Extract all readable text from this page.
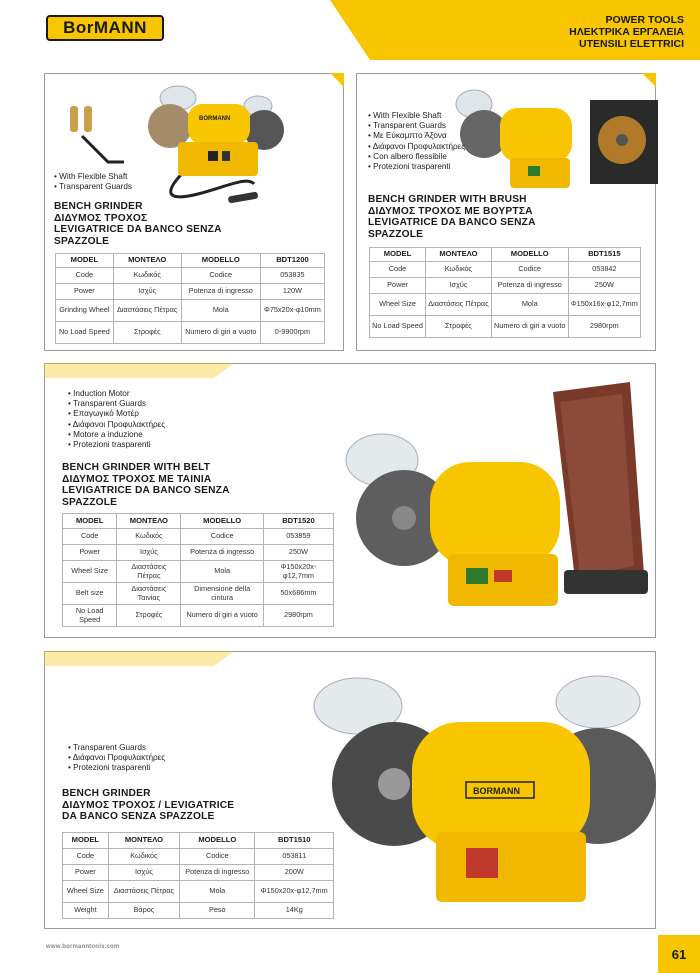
BorMANN	POWER TOOLS
ΗΛΕΚΤΡΙΚΑ ΕΡΓΑΛΕΙΑ
UTENSILI ELETTRICI
BORMANN
• With Flexible Shaft
• Transparent Guards
BENCH GRINDER
ΔΙΔΥΜΟΣ ΤΡΟΧΟΣ
LEVIGATRICE DA BANCO SENZA
SPAZZOLE
MODEL	ΜΟΝΤΕΛΟ	MODELLO	BDT1200
Code	Κωδικός	Codice	053835
Power	Ισχύς	Potenza di ingresso	120W
Grinding Wheel	Διαστάσεις Πέτρας	Mola	Φ75x20x-φ10mm
No Load Speed	Στροφές	Numero di giri a vuoto	0-9900rpm
• With Flexible Shaft
• Transparent Guards
• Με Εύκαμπτο Άξονα
• Διάφανοι Προφυλακτήρες
• Con albero flessibile
• Protezioni trasparenti
BENCH GRINDER WITH BRUSH
ΔΙΔΥΜΟΣ ΤΡΟΧΟΣ ΜΕ ΒΟΥΡΤΣΑ
LEVIGATRICE DA BANCO SENZA
SPAZZOLE
MODEL	ΜΟΝΤΕΛΟ	MODELLO	BDT1515
Code	Κωδικός	Codice	053842
Power	Ισχύς	Potenza di ingresso	250W
Wheel Size	Διαστάσεις Πέτρας	Mola	Φ150x16x-φ12,7mm
No Load Speed	Στροφές	Numero di giri a vuoto	2980rpm
• Induction Motor
• Transparent Guards
• Επαγωγικό Μοτέρ
• Διάφανοι Προφυλακτήρες
• Motore a induzione
• Protezioni trasparenti
BENCH GRINDER WITH BELT
ΔΙΔΥΜΟΣ ΤΡΟΧΟΣ ΜΕ ΤΑΙΝΙΑ
LEVIGATRICE DA BANCO SENZA
SPAZZOLE
MODEL	ΜΟΝΤΕΛΟ	MODELLO	BDT1520
Code	Κωδικός	Codice	053859
Power	Ισχύς	Potenza di ingresso	250W
Wheel Size	Διαστάσεις Πέτρας	Mola	Φ150x20x-φ12,7mm
Belt size	Διαστάσεις Ταινίας	Dimensione della cintura	50x686mm
No Load Speed	Στροφές	Numero di giri a vuoto	2980rpm
BORMANN
• Transparent Guards
• Διάφανοι Προφυλακτήρες
• Protezioni trasparenti
BENCH GRINDER
ΔΙΔΥΜΟΣ ΤΡΟΧΟΣ / LEVIGATRICE
DA BANCO SENZA SPAZZOLE
MODEL	ΜΟΝΤΕΛΟ	MODELLO	BDT1510
Code	Κωδικός	Codice	053811
Power	Ισχύς	Potenza di ingresso	200W
Wheel Size	Διαστάσεις Πέτρας	Mola	Φ150x20x-φ12,7mm
Weight	Βάρος	Peso	14Kg
www.bormanntools.com	61
